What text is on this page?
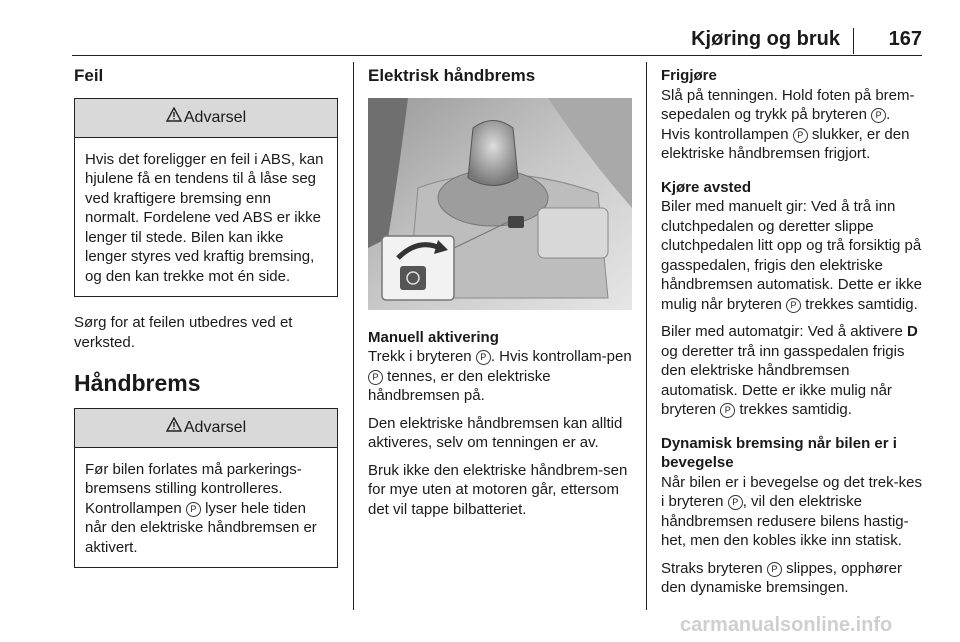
Kjøring og bruk 167
Feil
Advarsel
Hvis det foreligger en feil i ABS, kan hjulene få en tendens til å låse seg ved kraftigere bremsing enn normalt. Fordelene ved ABS er ikke lenger til stede. Bilen kan ikke lenger styres ved kraftig bremsing, og den kan trekke mot én side.

Sørg for at feilen utbedres ved et verksted.

Håndbrems
Advarsel
Før bilen forlates må parkerings-bremsens stilling kontrolleres. Kontrollampen P lyser hele tiden når den elektriske håndbremsen er aktivert.
Elektrisk håndbrems

Manuell aktivering

Trekk i bryteren P . Hvis kontrollam-pen P tennes, er den elektriske håndbremsen på.

Den elektriske håndbremsen kan alltid aktiveres, selv om tenningen er av.

Bruk ikke den elektriske håndbrem-sen for mye uten at motoren går, ettersom det vil tappe bilbatteriet.

Frigjøre

Slå på tenningen. Hold foten på brem-sepedalen og trykk på bryteren P .

Hvis kontrollampen P slukker, er den elektriske håndbremsen frigjort.

Kjøre avsted

Biler med manuelt gir: Ved å trå inn clutchpedalen og deretter slippe clutchpedalen litt opp og trå forsiktig på gasspedalen, frigis den elektriske håndbremsen automatisk. Dette er ikke mulig når bryteren P trekkes samtidig.

Biler med automatgir: Ved å aktivere D og deretter trå inn gasspedalen frigis den elektriske håndbremsen automatisk. Dette er ikke mulig når bryteren P trekkes samtidig.

Dynamisk bremsing når bilen er i bevegelse

Når bilen er i bevegelse og det trek-kes i bryteren P , vil den elektriske håndbremsen redusere bilens hastig-het, men den kobles ikke inn statisk.

Straks bryteren P slippes, opphører den dynamiske bremsingen.

carmanualsonline.info
